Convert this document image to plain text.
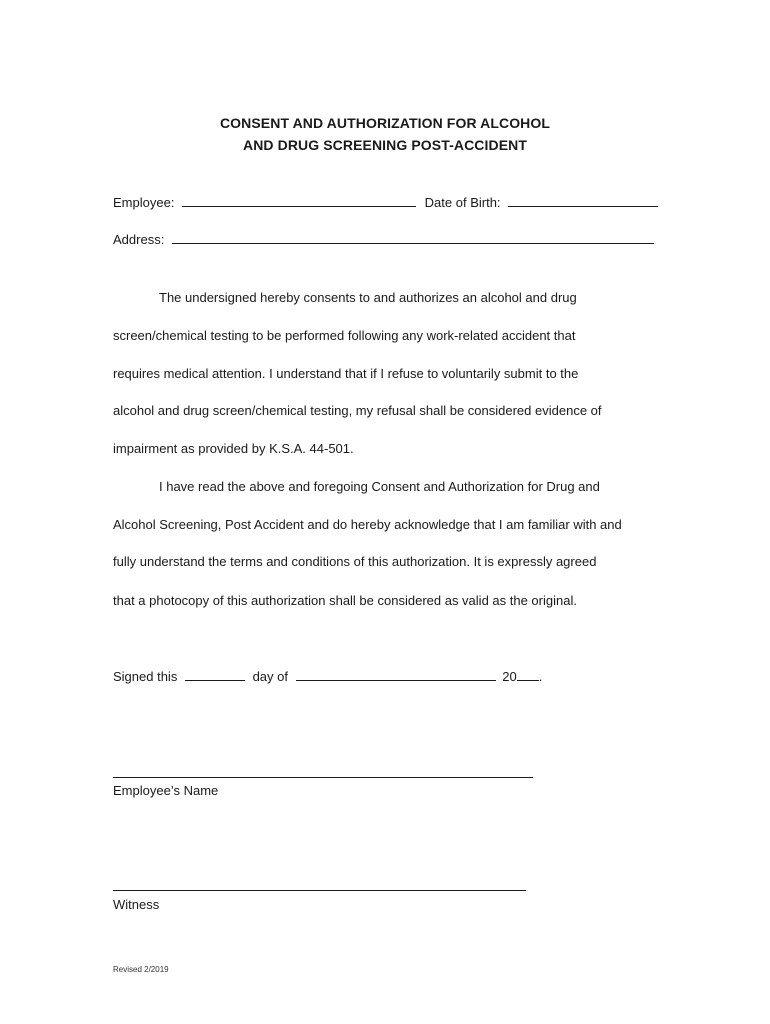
CONSENT AND AUTHORIZATION FOR ALCOHOL
AND DRUG SCREENING POST-ACCIDENT
Employee:	Date of Birth:
Address:
The undersigned hereby consents to and authorizes an alcohol and drug
screen/chemical testing to be performed following any work-related accident that
requires medical attention. I understand that if I refuse to voluntarily submit to the
alcohol and drug screen/chemical testing, my refusal shall be considered evidence of
impairment as provided by K.S.A. 44-501.
I have read the above and foregoing Consent and Authorization for Drug and
Alcohol Screening, Post Accident and do hereby acknowledge that I am familiar with and
fully understand the terms and conditions of this authorization. It is expressly agreed
that a photocopy of this authorization shall be considered as valid as the original.
Signed this	day of	20 .
Employee’s Name
Witness
Revised 2/2019
